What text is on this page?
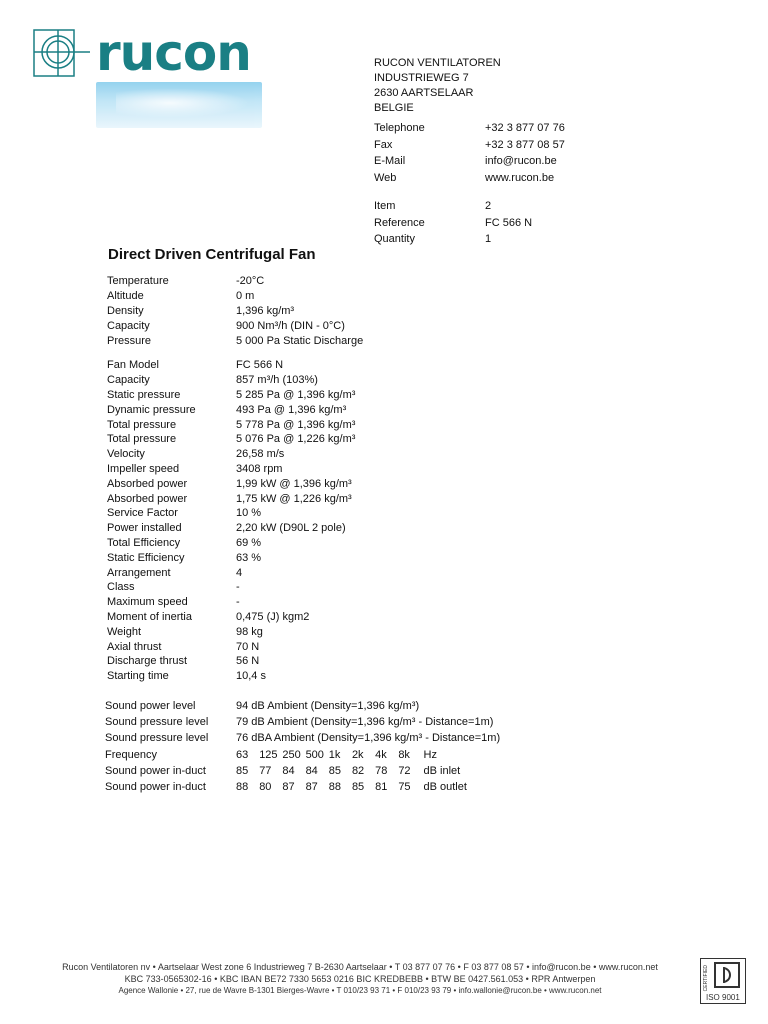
rucon	RUCON VENTILATOREN
INDUSTRIEWEG 7
2630 AARTSELAAR
BELGIE
Telephone	+32 3 877 07 76
Fax	+32 3 877 08 57
E-Mail	info@rucon.be
Web	www.rucon.be
Item	2
Reference	FC 566 N
Quantity	1
Direct Driven Centrifugal Fan
Temperature	-20°C
Altitude	0 m
Density	1,396 kg/m³
Capacity	900 Nm³/h (DIN - 0°C)
Pressure	5 000 Pa Static Discharge
Fan Model	FC 566 N
Capacity	857 m³/h (103%)
Static pressure	5 285 Pa @ 1,396 kg/m³
Dynamic pressure	493 Pa @ 1,396 kg/m³
Total pressure	5 778 Pa @ 1,396 kg/m³
Total pressure	5 076 Pa @ 1,226 kg/m³
Velocity	26,58 m/s
Impeller speed	3408 rpm
Absorbed power	1,99 kW @ 1,396 kg/m³
Absorbed power	1,75 kW @ 1,226 kg/m³
Service Factor	10 %
Power installed	2,20 kW (D90L 2 pole)
Total Efficiency	69 %
Static Efficiency	63 %
Arrangement	4
Class	-
Maximum speed	-
Moment of inertia	0,475 (J) kgm2
Weight	98 kg
Axial thrust	70 N
Discharge thrust	56 N
Starting time	10,4 s
Sound power level	94 dB Ambient (Density=1,396 kg/m³)
Sound pressure level	79 dB Ambient (Density=1,396 kg/m³ - Distance=1m)
Sound pressure level	76 dBA Ambient (Density=1,396 kg/m³ - Distance=1m)
Frequency	63 125 250 500 1k	2k	4k	8k	Hz
Sound power in-duct	85 77 84 84 85 82 78 72	dB inlet
Sound power in-duct	88 80 87 87 88 85 81 75	dB outlet
Rucon Ventilatoren nv • Aartselaar West zone 6 Industrieweg 7 B-2630 Aartselaar • T 03 877 07 76 • F 03 877 08 57 • info@rucon.be • www.rucon.net
KBC 733-0565302-16 • KBC IBAN BE72 7330 5653 0216 BIC KREDBEBB • BTW BE 0427.561.053 • RPR Antwerpen
Agence Wallonie • 27, rue de Wavre B-1301 Bierges-Wavre • T 010/23 93 71 • F 010/23 93 79 • info.wallonie@rucon.be • www.rucon.net	CERTIFIED
ISO 9001
